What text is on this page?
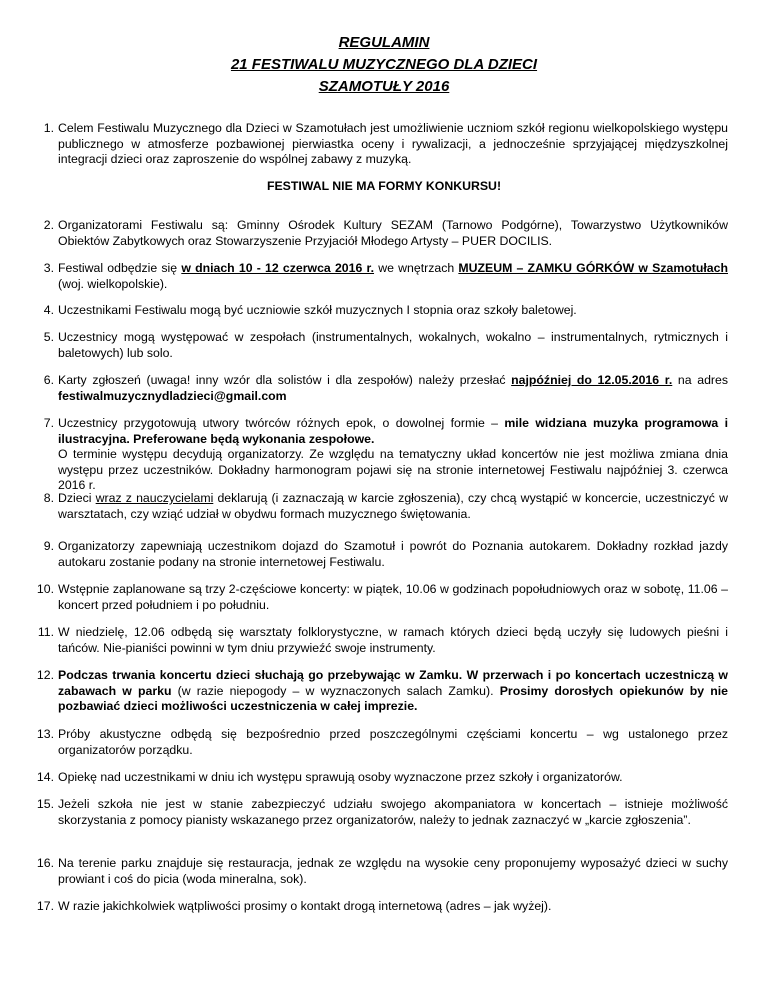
REGULAMIN
21 FESTIWALU MUZYCZNEGO DLA DZIECI
SZAMOTUŁY 2016
1. Celem Festiwalu Muzycznego dla Dzieci w Szamotułach jest umożliwienie uczniom szkół regionu wielkopolskiego występu publicznego w atmosferze pozbawionej pierwiastka oceny i rywalizacji, a jednocześnie sprzyjającej międzyszkolnej integracji dzieci oraz zaproszenie do wspólnej zabawy z muzyką.
FESTIWAL NIE MA FORMY KONKURSU!
2. Organizatorami Festiwalu są: Gminny Ośrodek Kultury SEZAM (Tarnowo Podgórne), Towarzystwo Użytkowników Obiektów Zabytkowych oraz Stowarzyszenie Przyjaciół Młodego Artysty – PUER DOCILIS.
3. Festiwal odbędzie się w dniach 10 - 12 czerwca 2016 r. we wnętrzach MUZEUM – ZAMKU GÓRKÓW w Szamotułach (woj. wielkopolskie).
4. Uczestnikami Festiwalu mogą być uczniowie szkół muzycznych I stopnia oraz szkoły baletowej.
5. Uczestnicy mogą występować w zespołach (instrumentalnych, wokalnych, wokalno – instrumentalnych, rytmicznych i baletowych) lub solo.
6. Karty zgłoszeń (uwaga! inny wzór dla solistów i dla zespołów) należy przesłać najpóźniej do 12.05.2016 r. na adres festiwalmuzycznydladzieci@gmail.com
7. Uczestnicy przygotowują utwory twórców różnych epok, o dowolnej formie – mile widziana muzyka programowa i ilustracyjna. Preferowane będą wykonania zespołowe.
O terminie występu decydują organizatorzy. Ze względu na tematyczny układ koncertów nie jest możliwa zmiana dnia występu przez uczestników. Dokładny harmonogram pojawi się na stronie internetowej Festiwalu najpóźniej 3. czerwca 2016 r.
8. Dzieci wraz z nauczycielami deklarują (i zaznaczają w karcie zgłoszenia), czy chcą wystąpić w koncercie, uczestniczyć w warsztatach, czy wziąć udział w obydwu formach muzycznego świętowania.
9. Organizatorzy zapewniają uczestnikom dojazd do Szamotuł i powrót do Poznania autokarem. Dokładny rozkład jazdy autokaru zostanie podany na stronie internetowej Festiwalu.
10. Wstępnie zaplanowane są trzy 2-częściowe koncerty: w piątek, 10.06 w godzinach popołudniowych oraz w sobotę, 11.06 – koncert przed południem i po południu.
11. W niedzielę, 12.06 odbędą się warsztaty folklorystyczne, w ramach których dzieci będą uczyły się ludowych pieśni i tańców. Nie-pianiści powinni w tym dniu przywieźć swoje instrumenty.
12. Podczas trwania koncertu dzieci słuchają go przebywając w Zamku. W przerwach i po koncertach uczestniczą w zabawach w parku (w razie niepogody – w wyznaczonych salach Zamku). Prosimy dorosłych opiekunów by nie pozbawiać dzieci możliwości uczestniczenia w całej imprezie.
13. Próby akustyczne odbędą się bezpośrednio przed poszczególnymi częściami koncertu – wg ustalonego przez organizatorów porządku.
14. Opiekę nad uczestnikami w dniu ich występu sprawują osoby wyznaczone przez szkoły i organizatorów.
15. Jeżeli szkoła nie jest w stanie zabezpieczyć udziału swojego akompaniatora w koncertach – istnieje możliwość skorzystania z pomocy pianisty wskazanego przez organizatorów, należy to jednak zaznaczyć w „karcie zgłoszenia”.
16. Na terenie parku znajduje się restauracja, jednak ze względu na wysokie ceny proponujemy wyposażyć dzieci w suchy prowiant i coś do picia (woda mineralna, sok).
17. W razie jakichkolwiek wątpliwości prosimy o kontakt drogą internetową (adres – jak wyżej).
